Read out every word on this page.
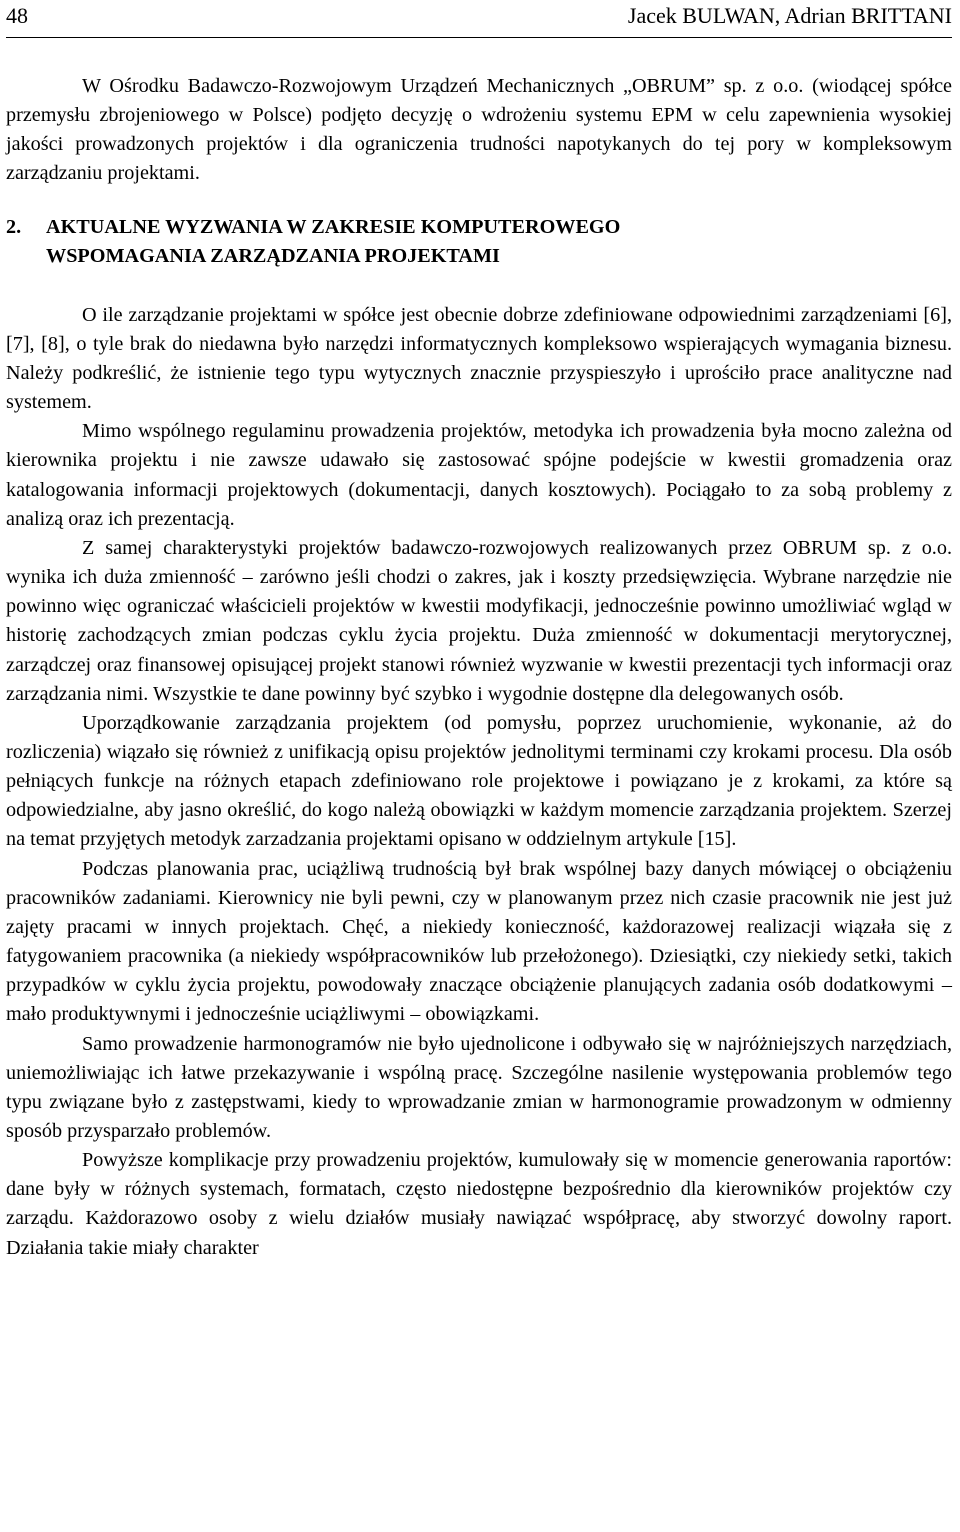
48	Jacek BULWAN, Adrian BRITTANI

W Ośrodku Badawczo-Rozwojowym Urządzeń Mechanicznych „OBRUM” sp. z o.o. (wiodącej spółce przemysłu zbrojeniowego w Polsce) podjęto decyzję o wdrożeniu systemu EPM w celu zapewnienia wysokiej jakości prowadzonych projektów i dla ograniczenia trudności napotykanych do tej pory w kompleksowym zarządzaniu projektami.

2.	AKTUALNE WYZWANIA W ZAKRESIE KOMPUTEROWEGO
WSPOMAGANIA ZARZĄDZANIA PROJEKTAMI

O ile zarządzanie projektami w spółce jest obecnie dobrze zdefiniowane odpowiednimi zarządzeniami [6], [7], [8], o tyle brak do niedawna było narzędzi informatycznych kompleksowo wspierających wymagania biznesu. Należy podkreślić, że istnienie tego typu wytycznych znacznie przyspieszyło i uprościło prace analityczne nad systemem.

Mimo wspólnego regulaminu prowadzenia projektów, metodyka ich prowadzenia była mocno zależna od kierownika projektu i nie zawsze udawało się zastosować spójne podejście w kwestii gromadzenia oraz katalogowania informacji projektowych (dokumentacji, danych kosztowych). Pociągało to za sobą problemy z analizą oraz ich prezentacją.

Z samej charakterystyki projektów badawczo-rozwojowych realizowanych przez OBRUM sp. z o.o. wynika ich duża zmienność – zarówno jeśli chodzi o zakres, jak i koszty przedsięwzięcia. Wybrane narzędzie nie powinno więc ograniczać właścicieli projektów w kwestii modyfikacji, jednocześnie powinno umożliwiać wgląd w historię zachodzących zmian podczas cyklu życia projektu. Duża zmienność w dokumentacji merytorycznej, zarządczej oraz finansowej opisującej projekt stanowi również wyzwanie w kwestii prezentacji tych informacji oraz zarządzania nimi. Wszystkie te dane powinny być szybko i wygodnie dostępne dla delegowanych osób.

Uporządkowanie zarządzania projektem (od pomysłu, poprzez uruchomienie, wykonanie, aż do rozliczenia) wiązało się również z unifikacją opisu projektów jednolitymi terminami czy krokami procesu. Dla osób pełniących funkcje na różnych etapach zdefiniowano role projektowe i powiązano je z krokami, za które są odpowiedzialne, aby jasno określić, do kogo należą obowiązki w każdym momencie zarządzania projektem. Szerzej na temat przyjętych metodyk zarzadzania projektami opisano w oddzielnym artykule [15].

Podczas planowania prac, uciążliwą trudnością był brak wspólnej bazy danych mówiącej o obciążeniu pracowników zadaniami. Kierownicy nie byli pewni, czy w planowanym przez nich czasie pracownik nie jest już zajęty pracami w innych projektach. Chęć, a niekiedy konieczność, każdorazowej realizacji wiązała się z fatygowaniem pracownika (a niekiedy współpracowników lub przełożonego). Dziesiątki, czy niekiedy setki, takich przypadków w cyklu życia projektu, powodowały znaczące obciążenie planujących zadania osób dodatkowymi – mało produktywnymi i jednocześnie uciążliwymi – obowiązkami.

Samo prowadzenie harmonogramów nie było ujednolicone i odbywało się w najróżniejszych narzędziach, uniemożliwiając ich łatwe przekazywanie i wspólną pracę. Szczególne nasilenie występowania problemów tego typu związane było z zastępstwami, kiedy to wprowadzanie zmian w harmonogramie prowadzonym w odmienny sposób przysparzało problemów.

Powyższe komplikacje przy prowadzeniu projektów, kumulowały się w momencie generowania raportów: dane były w różnych systemach, formatach, często niedostępne bezpośrednio dla kierowników projektów czy zarządu. Każdorazowo osoby z wielu działów musiały nawiązać współpracę, aby stworzyć dowolny raport. Działania takie miały charakter
